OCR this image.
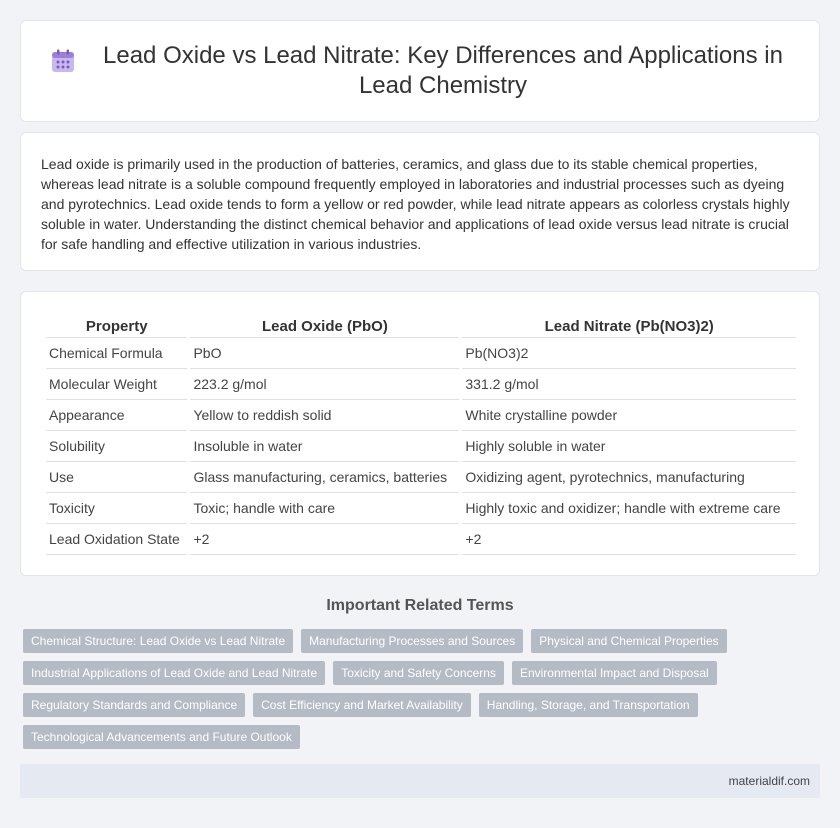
Lead Oxide vs Lead Nitrate: Key Differences and Applications in Lead Chemistry

Lead oxide is primarily used in the production of batteries, ceramics, and glass due to its stable chemical properties, whereas lead nitrate is a soluble compound frequently employed in laboratories and industrial processes such as dyeing and pyrotechnics. Lead oxide tends to form a yellow or red powder, while lead nitrate appears as colorless crystals highly soluble in water. Understanding the distinct chemical behavior and applications of lead oxide versus lead nitrate is crucial for safe handling and effective utilization in various industries.

Property	Lead Oxide (PbO)	Lead Nitrate (Pb(NO3)2)
Chemical Formula	PbO	Pb(NO3)2
Molecular Weight	223.2 g/mol	331.2 g/mol
Appearance	Yellow to reddish solid	White crystalline powder
Solubility	Insoluble in water	Highly soluble in water
Use	Glass manufacturing, ceramics, batteries	Oxidizing agent, pyrotechnics, manufacturing
Toxicity	Toxic; handle with care	Highly toxic and oxidizer; handle with extreme care
Lead Oxidation State	+2	+2
Important Related Terms
Chemical Structure: Lead Oxide vs Lead Nitrate	Manufacturing Processes and Sources	Physical and Chemical Properties
Industrial Applications of Lead Oxide and Lead Nitrate	Toxicity and Safety Concerns	Environmental Impact and Disposal
Regulatory Standards and Compliance	Cost Efficiency and Market Availability	Handling, Storage, and Transportation
Technological Advancements and Future Outlook
materialdif.com
